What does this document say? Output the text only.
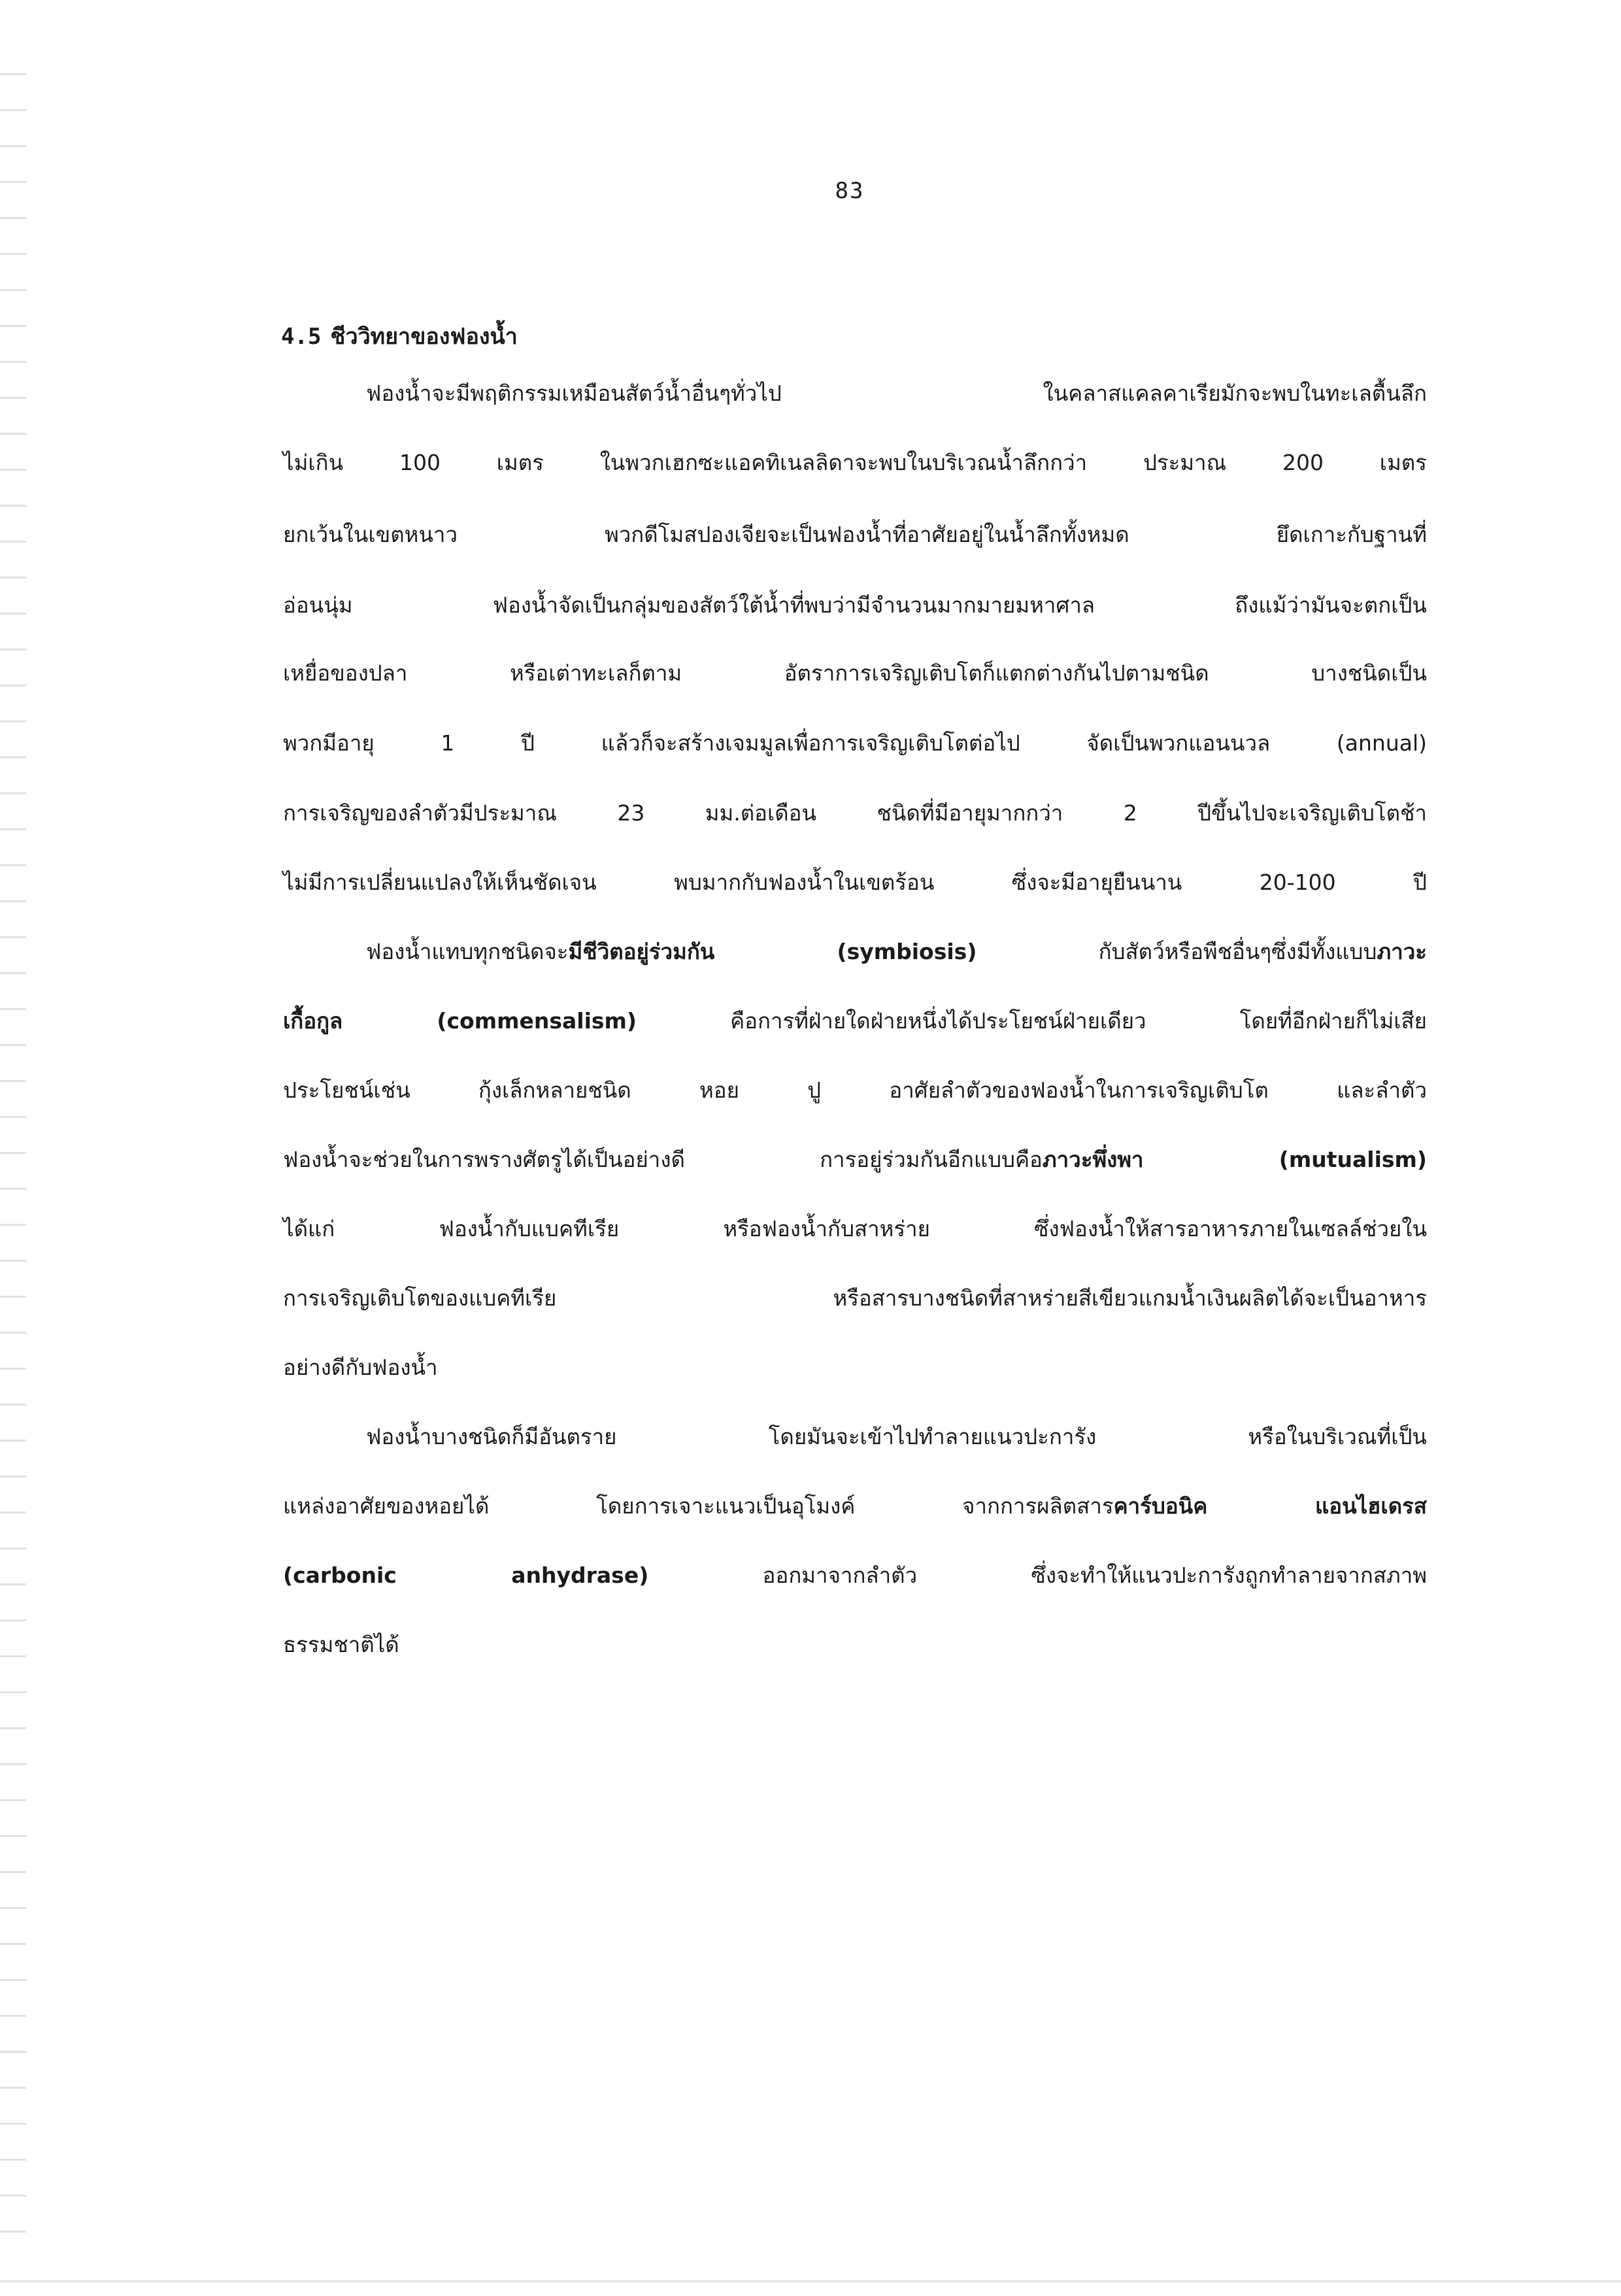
83
4.5 ชีววิทยาของฟองน้ำ
ฟองน้ำจะมีพฤติกรรมเหมือนสัตว์น้ำอื่นๆทั่วไป ในคลาสแคลคาเรียมักจะพบในทะเลตื้นลึก
ไม่เกิน 100 เมตร ในพวกเฮกซะแอคทิเนลลิดาจะพบในบริเวณน้ำลึกกว่า ประมาณ 200 เมตร
ยกเว้นในเขตหนาว พวกดีโมสปองเจียจะเป็นฟองน้ำที่อาศัยอยู่ในน้ำลึกทั้งหมด ยึดเกาะกับฐานที่
อ่อนนุ่ม ฟองน้ำจัดเป็นกลุ่มของสัตว์ใต้น้ำที่พบว่ามีจำนวนมากมายมหาศาล ถึงแม้ว่ามันจะตกเป็น
เหยื่อของปลา หรือเต่าทะเลก็ตาม อัตราการเจริญเติบโตก็แตกต่างกันไปตามชนิด บางชนิดเป็น
พวกมีอายุ 1 ปี แล้วก็จะสร้างเจมมูลเพื่อการเจริญเติบโตต่อไป จัดเป็นพวกแอนนวล (annual)
การเจริญของลำตัวมีประมาณ 23 มม.ต่อเดือน ชนิดที่มีอายุมากกว่า 2 ปีขึ้นไปจะเจริญเติบโตช้า
ไม่มีการเปลี่ยนแปลงให้เห็นชัดเจน พบมากกับฟองน้ำในเขตร้อน ซึ่งจะมีอายุยืนนาน 20-100 ปี
ฟองน้ำแทบทุกชนิดจะมีชีวิตอยู่ร่วมกัน (symbiosis) กับสัตว์หรือพืชอื่นๆซึ่งมีทั้งแบบภาวะ
เกื้อกูล (commensalism) คือการที่ฝ่ายใดฝ่ายหนึ่งได้ประโยชน์ฝ่ายเดียว โดยที่อีกฝ่ายก็ไม่เสีย
ประโยชน์เช่น กุ้งเล็กหลายชนิด หอย ปู อาศัยลำตัวของฟองน้ำในการเจริญเติบโต และลำตัว
ฟองน้ำจะช่วยในการพรางศัตรูได้เป็นอย่างดี การอยู่ร่วมกันอีกแบบคือภาวะพึ่งพา (mutualism)
ได้แก่ ฟองน้ำกับแบคทีเรีย หรือฟองน้ำกับสาหร่าย ซึ่งฟองน้ำให้สารอาหารภายในเซลล์ช่วยใน
การเจริญเติบโตของแบคทีเรีย หรือสารบางชนิดที่สาหร่ายสีเขียวแกมน้ำเงินผลิตได้จะเป็นอาหาร
อย่างดีกับฟองน้ำ
ฟองน้ำบางชนิดก็มีอันตราย โดยมันจะเข้าไปทำลายแนวปะการัง หรือในบริเวณที่เป็น
แหล่งอาศัยของหอยได้ โดยการเจาะแนวเป็นอุโมงค์ จากการผลิตสารคาร์บอนิค แอนไฮเดรส
(carbonic anhydrase) ออกมาจากลำตัว ซึ่งจะทำให้แนวปะการังถูกทำลายจากสภาพ
ธรรมชาติได้
